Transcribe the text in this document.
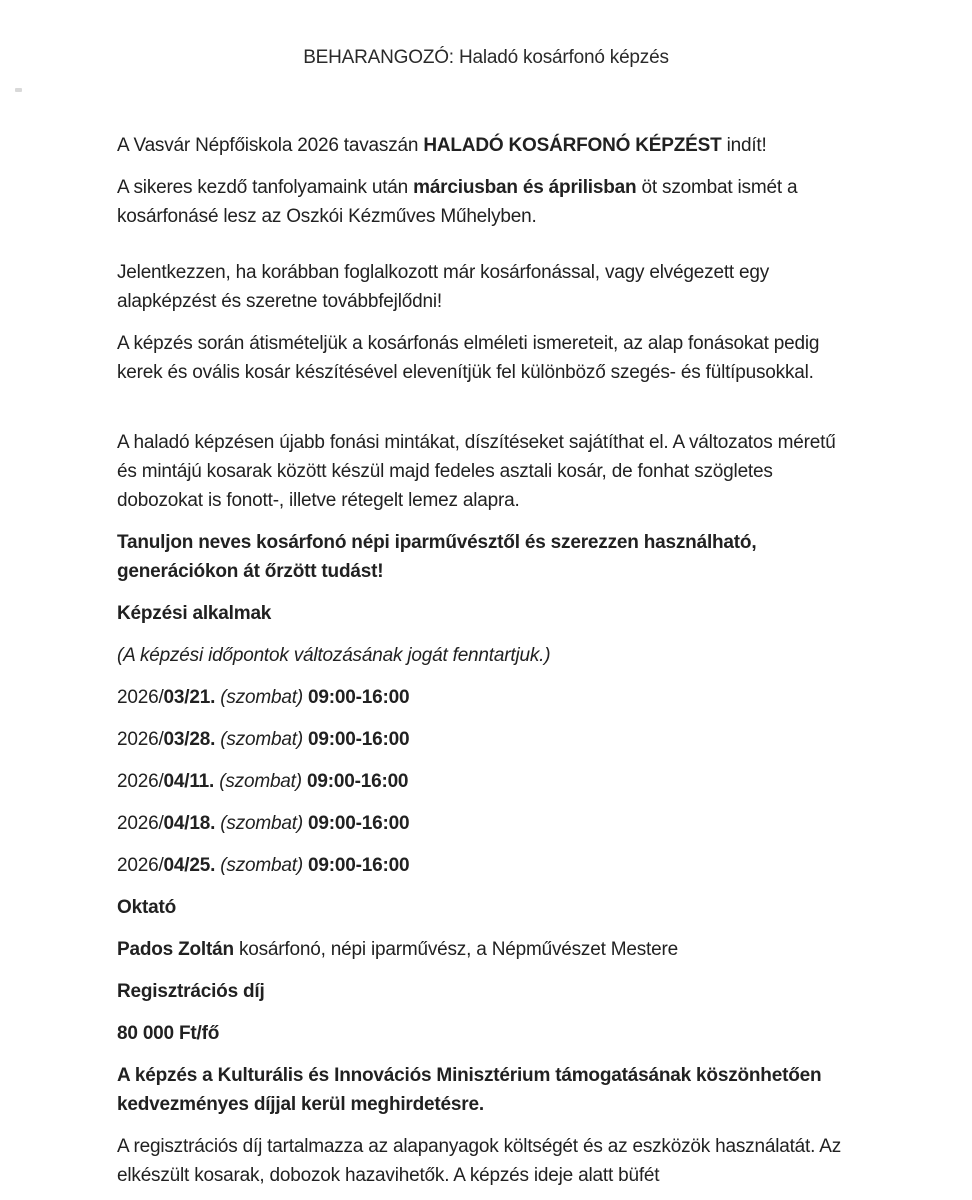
BEHARANGOZÓ: Haladó kosárfonó képzés

A Vasvár Népfőiskola 2026 tavaszán HALADÓ KOSÁRFONÓ KÉPZÉST indít!

A sikeres kezdő tanfolyamaink után márciusban és áprilisban öt szombat ismét a
kosárfonásé lesz az Oszkói Kézműves Műhelyben.

Jelentkezzen, ha korábban foglalkozott már kosárfonással, vagy elvégezett egy
alapképzést és szeretne továbbfejlődni!

A képzés során átismételjük a kosárfonás elméleti ismereteit, az alap fonásokat pedig
kerek és ovális kosár készítésével elevenítjük fel különböző szegés- és fültípusokkal.

A haladó képzésen újabb fonási mintákat, díszítéseket sajátíthat el. A változatos méretű
és mintájú kosarak között készül majd fedeles asztali kosár, de fonhat szögletes
dobozokat is fonott-, illetve rétegelt lemez alapra.

Tanuljon neves kosárfonó népi iparművésztől és szerezzen használható,
generációkon át őrzött tudást!

Képzési alkalmak

(A képzési időpontok változásának jogát fenntartjuk.)

2026/03/21. (szombat) 09:00-16:00

2026/03/28. (szombat) 09:00-16:00

2026/04/11. (szombat) 09:00-16:00

2026/04/18. (szombat) 09:00-16:00

2026/04/25. (szombat) 09:00-16:00

Oktató

Pados Zoltán kosárfonó, népi iparművész, a Népművészet Mestere

Regisztrációs díj

80 000 Ft/fő

A képzés a Kulturális és Innovációs Minisztérium támogatásának köszönhetően
kedvezményes díjjal kerül meghirdetésre.

A regisztrációs díj tartalmazza az alapanyagok költségét és az eszközök használatát. Az
elkészült kosarak, dobozok hazavihetők. A képzés ideje alatt büfét
